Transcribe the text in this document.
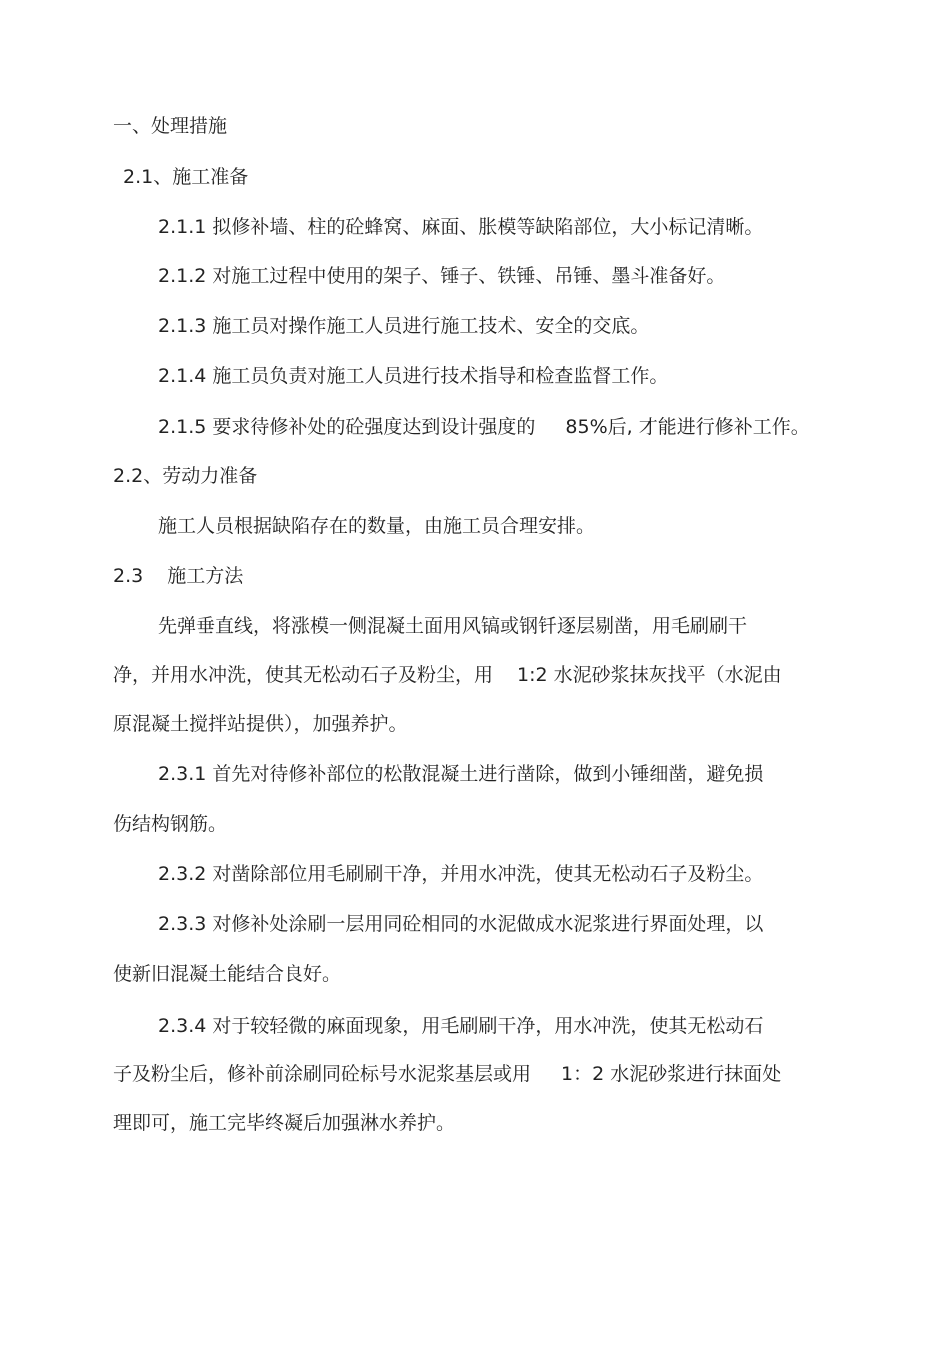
一、处理措施
2.1、施工准备
2.1.1 拟修补墙、柱的砼蜂窝、麻面、胀模等缺陷部位，大小标记清晰。
2.1.2 对施工过程中使用的架子、锤子、铁锤、吊锤、墨斗准备好。
2.1.3 施工员对操作施工人员进行施工技术、安全的交底。
2.1.4 施工员负责对施工人员进行技术指导和检查监督工作。
2.1.5 要求待修补处的砼强度达到设计强度的 85%后, 才能进行修补工作。
2.2、劳动力准备
施工人员根据缺陷存在的数量，由施工员合理安排。
2.3 施工方法
先弹垂直线，将涨模一侧混凝土面用风镐或钢钎逐层剔凿，用毛刷刷干
净，并用水冲洗，使其无松动石子及粉尘，用 1:2 水泥砂浆抹灰找平（水泥由
原混凝土搅拌站提供），加强养护。
2.3.1 首先对待修补部位的松散混凝土进行凿除，做到小锤细凿，避免损
伤结构钢筋。
2.3.2 对凿除部位用毛刷刷干净，并用水冲洗，使其无松动石子及粉尘。
2.3.3 对修补处涂刷一层用同砼相同的水泥做成水泥浆进行界面处理，以
使新旧混凝土能结合良好。
2.3.4 对于较轻微的麻面现象，用毛刷刷干净，用水冲洗，使其无松动石
子及粉尘后，修补前涂刷同砼标号水泥浆基层或用 1：2 水泥砂浆进行抹面处
理即可，施工完毕终凝后加强淋水养护。
